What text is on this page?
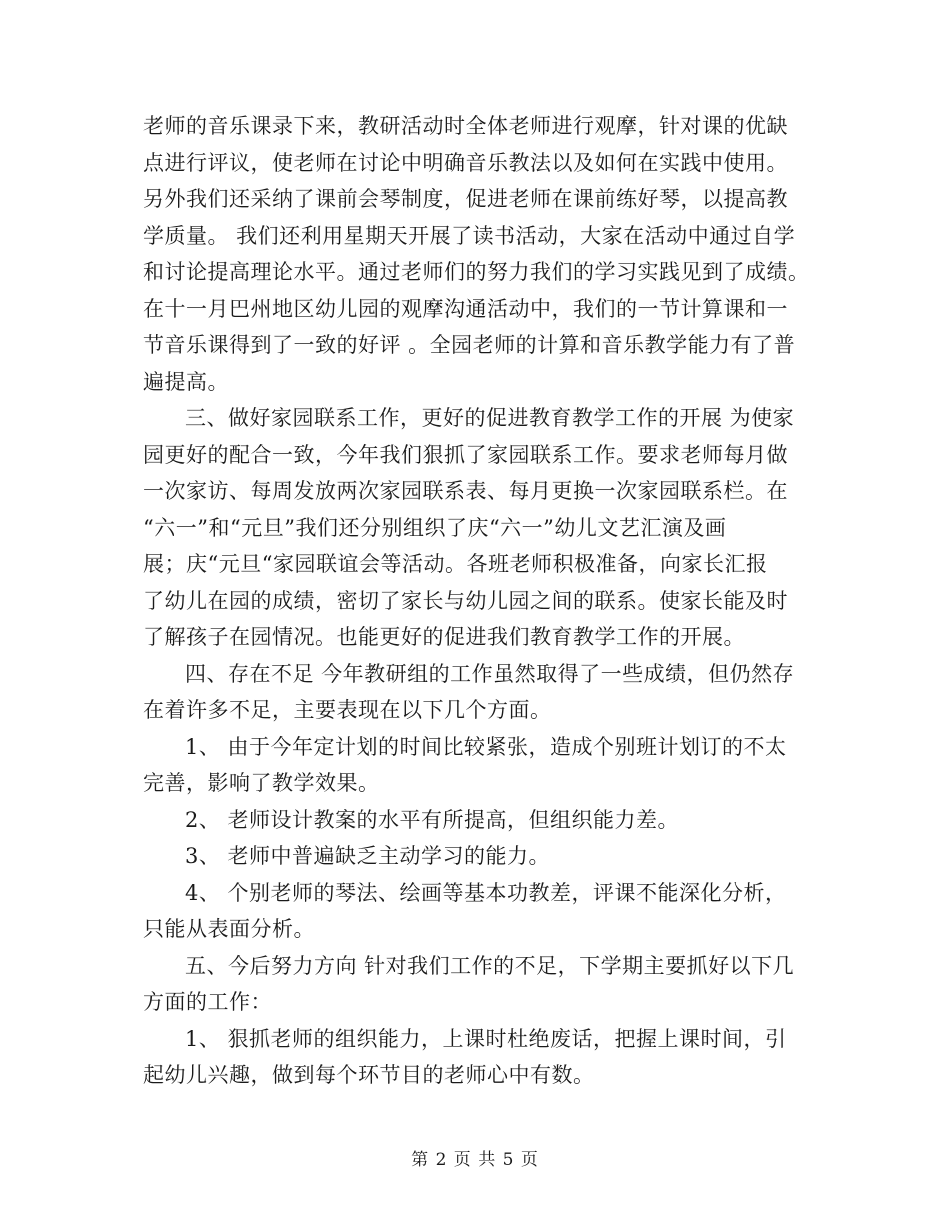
老师的音乐课录下来，教研活动时全体老师进行观摩，针对课的优缺
点进行评议，使老师在讨论中明确音乐教法以及如何在实践中使用。
另外我们还采纳了课前会琴制度，促进老师在课前练好琴，以提高教
学质量。 我们还利用星期天开展了读书活动，大家在活动中通过自学
和讨论提高理论水平。通过老师们的努力我们的学习实践见到了成绩。
在十一月巴州地区幼儿园的观摩沟通活动中，我们的一节计算课和一
节音乐课得到了一致的好评 。全园老师的计算和音乐教学能力有了普
遍提高。
三、做好家园联系工作，更好的促进教育教学工作的开展 为使家
园更好的配合一致，今年我们狠抓了家园联系工作。要求老师每月做
一次家访、每周发放两次家园联系表、每月更换一次家园联系栏。在
“六一”和“元旦”我们还分别组织了庆“六一”幼儿文艺汇演及画
展；庆“元旦“家园联谊会等活动。各班老师积极准备，向家长汇报
了幼儿在园的成绩，密切了家长与幼儿园之间的联系。使家长能及时
了解孩子在园情况。也能更好的促进我们教育教学工作的开展。
四、存在不足 今年教研组的工作虽然取得了一些成绩，但仍然存
在着许多不足，主要表现在以下几个方面。
1、 由于今年定计划的时间比较紧张，造成个别班计划订的不太
完善，影响了教学效果。
2、 老师设计教案的水平有所提高，但组织能力差。
3、 老师中普遍缺乏主动学习的能力。
4、 个别老师的琴法、绘画等基本功教差，评课不能深化分析，
只能从表面分析。
五、今后努力方向 针对我们工作的不足，下学期主要抓好以下几
方面的工作：
1、 狠抓老师的组织能力，上课时杜绝废话，把握上课时间，引
起幼儿兴趣，做到每个环节目的老师心中有数。
第 2 页 共 5 页
